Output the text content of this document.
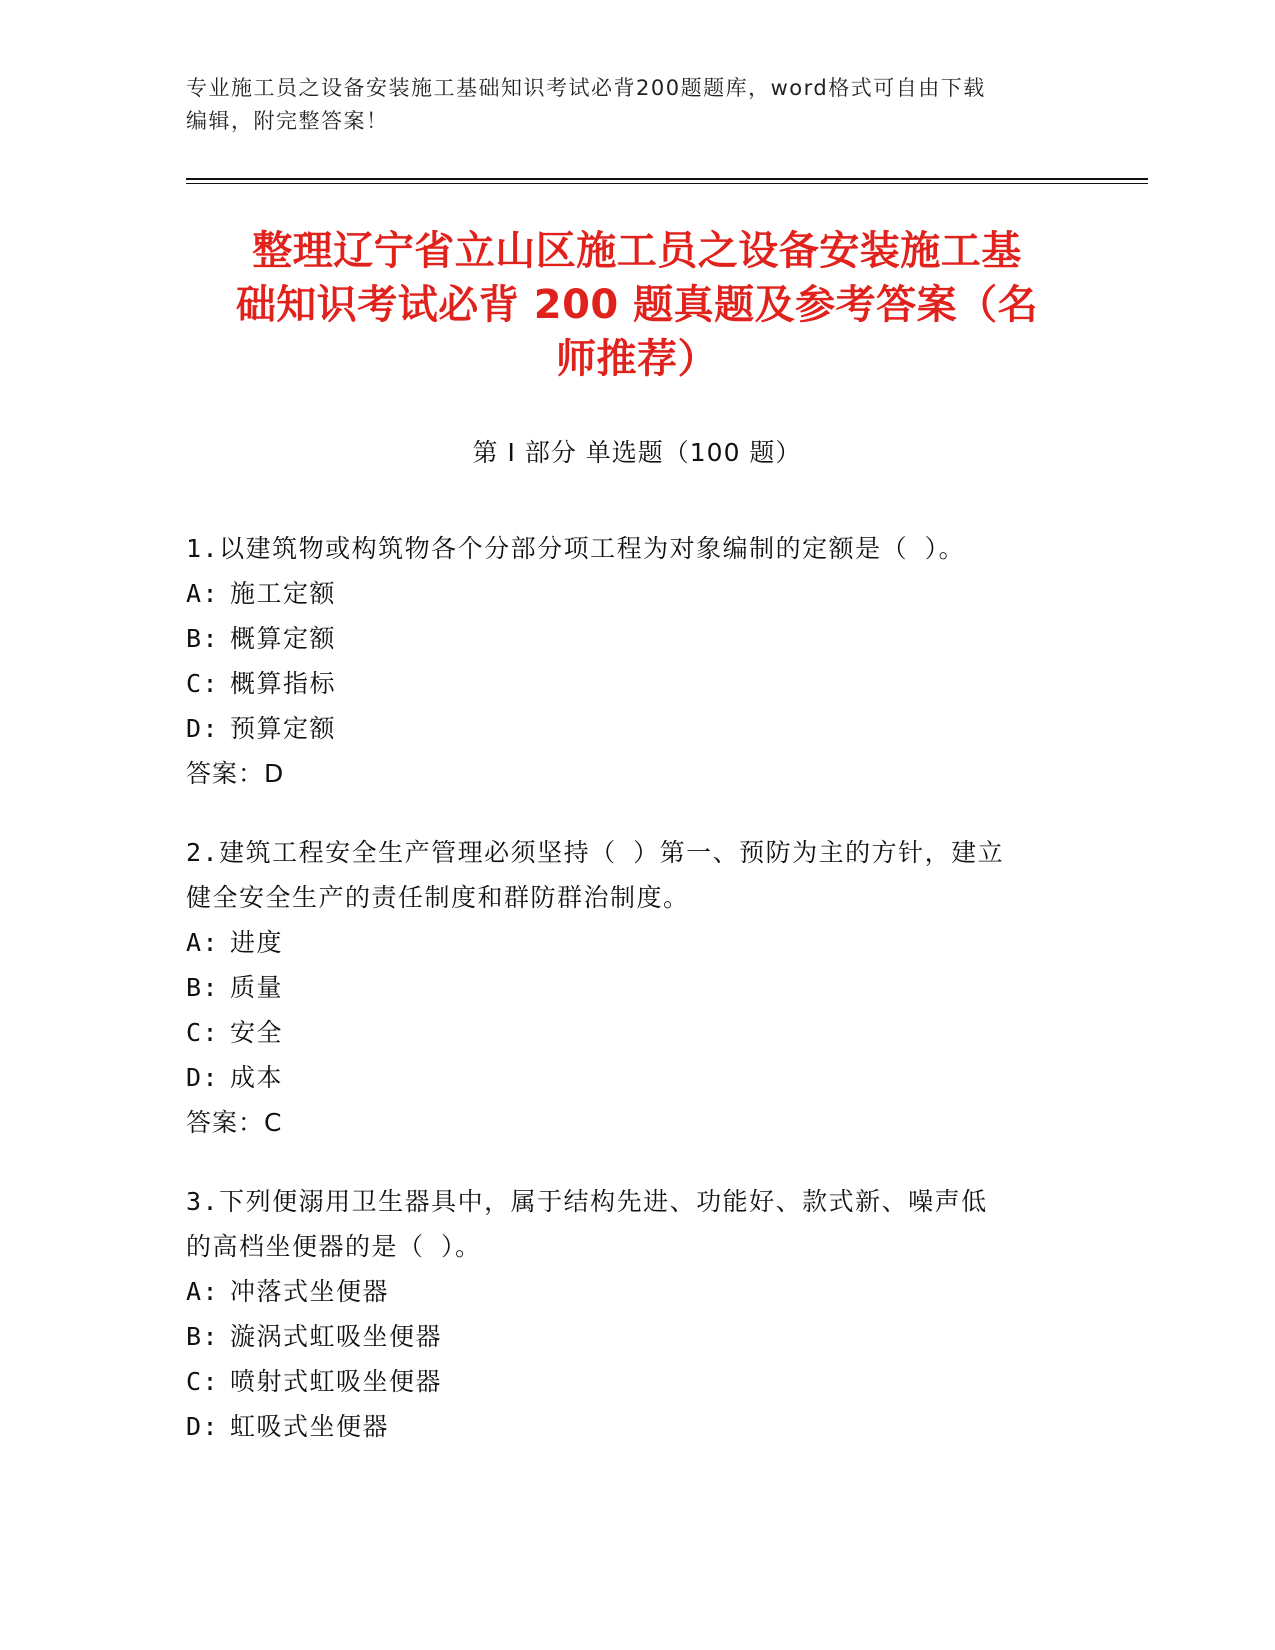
专业施工员之设备安装施工基础知识考试必背200题题库，word格式可自由下载

编辑，附完整答案！

整理辽宁省立山区施工员之设备安装施工基

础知识考试必背 200 题真题及参考答案（名

师推荐）

第 I 部分 单选题（100 题）

1.以建筑物或构筑物各个分部分项工程为对象编制的定额是（ ）。

A: 施工定额

B: 概算定额

C: 概算指标

D: 预算定额

答案：D

2.建筑工程安全生产管理必须坚持（ ）第一、预防为主的方针，建立

健全安全生产的责任制度和群防群治制度。

A: 进度

B: 质量

C: 安全

D: 成本

答案：C

3.下列便溺用卫生器具中，属于结构先进、功能好、款式新、噪声低

的高档坐便器的是（ ）。

A: 冲落式坐便器

B: 漩涡式虹吸坐便器

C: 喷射式虹吸坐便器

D: 虹吸式坐便器
